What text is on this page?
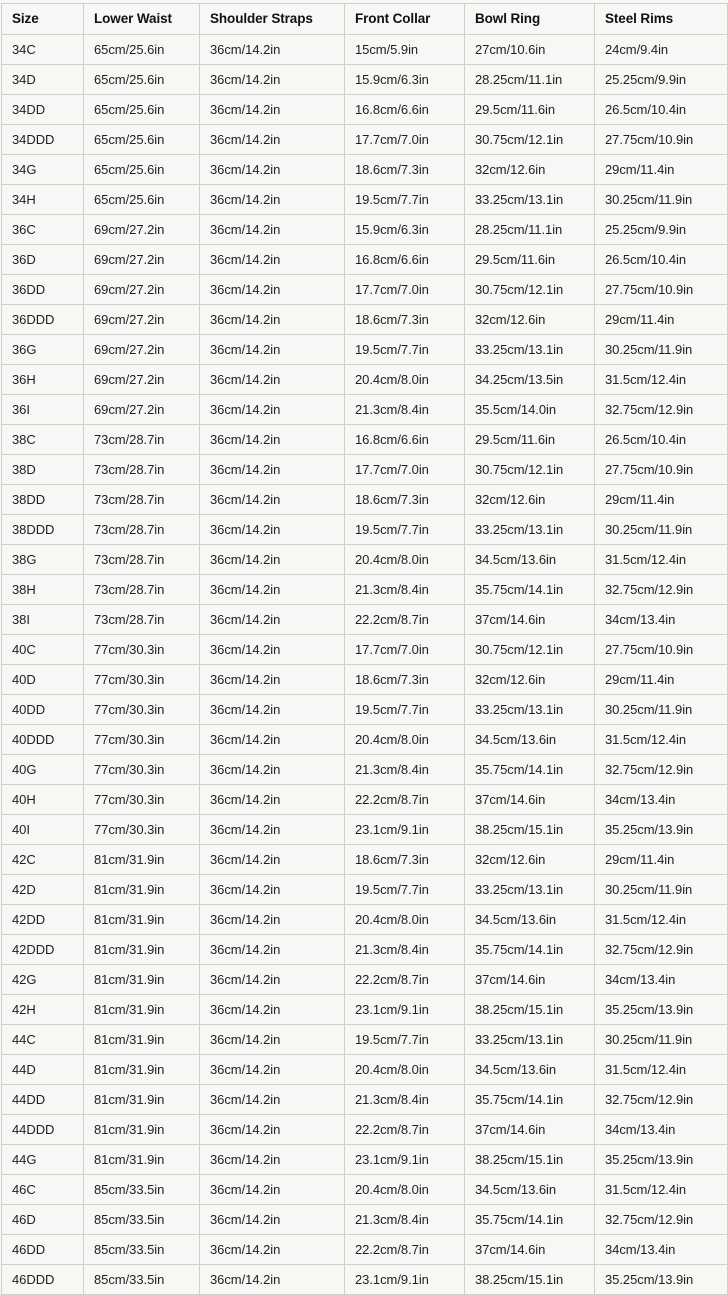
Size	Lower Waist	Shoulder Straps	Front Collar	Bowl Ring	Steel Rims
34C	65cm/25.6in	36cm/14.2in	15cm/5.9in	27cm/10.6in	24cm/9.4in
34D	65cm/25.6in	36cm/14.2in	15.9cm/6.3in	28.25cm/11.1in	25.25cm/9.9in
34DD	65cm/25.6in	36cm/14.2in	16.8cm/6.6in	29.5cm/11.6in	26.5cm/10.4in
34DDD	65cm/25.6in	36cm/14.2in	17.7cm/7.0in	30.75cm/12.1in	27.75cm/10.9in
34G	65cm/25.6in	36cm/14.2in	18.6cm/7.3in	32cm/12.6in	29cm/11.4in
34H	65cm/25.6in	36cm/14.2in	19.5cm/7.7in	33.25cm/13.1in	30.25cm/11.9in
36C	69cm/27.2in	36cm/14.2in	15.9cm/6.3in	28.25cm/11.1in	25.25cm/9.9in
36D	69cm/27.2in	36cm/14.2in	16.8cm/6.6in	29.5cm/11.6in	26.5cm/10.4in
36DD	69cm/27.2in	36cm/14.2in	17.7cm/7.0in	30.75cm/12.1in	27.75cm/10.9in
36DDD	69cm/27.2in	36cm/14.2in	18.6cm/7.3in	32cm/12.6in	29cm/11.4in
36G	69cm/27.2in	36cm/14.2in	19.5cm/7.7in	33.25cm/13.1in	30.25cm/11.9in
36H	69cm/27.2in	36cm/14.2in	20.4cm/8.0in	34.25cm/13.5in	31.5cm/12.4in
36I	69cm/27.2in	36cm/14.2in	21.3cm/8.4in	35.5cm/14.0in	32.75cm/12.9in
38C	73cm/28.7in	36cm/14.2in	16.8cm/6.6in	29.5cm/11.6in	26.5cm/10.4in
38D	73cm/28.7in	36cm/14.2in	17.7cm/7.0in	30.75cm/12.1in	27.75cm/10.9in
38DD	73cm/28.7in	36cm/14.2in	18.6cm/7.3in	32cm/12.6in	29cm/11.4in
38DDD	73cm/28.7in	36cm/14.2in	19.5cm/7.7in	33.25cm/13.1in	30.25cm/11.9in
38G	73cm/28.7in	36cm/14.2in	20.4cm/8.0in	34.5cm/13.6in	31.5cm/12.4in
38H	73cm/28.7in	36cm/14.2in	21.3cm/8.4in	35.75cm/14.1in	32.75cm/12.9in
38I	73cm/28.7in	36cm/14.2in	22.2cm/8.7in	37cm/14.6in	34cm/13.4in
40C	77cm/30.3in	36cm/14.2in	17.7cm/7.0in	30.75cm/12.1in	27.75cm/10.9in
40D	77cm/30.3in	36cm/14.2in	18.6cm/7.3in	32cm/12.6in	29cm/11.4in
40DD	77cm/30.3in	36cm/14.2in	19.5cm/7.7in	33.25cm/13.1in	30.25cm/11.9in
40DDD	77cm/30.3in	36cm/14.2in	20.4cm/8.0in	34.5cm/13.6in	31.5cm/12.4in
40G	77cm/30.3in	36cm/14.2in	21.3cm/8.4in	35.75cm/14.1in	32.75cm/12.9in
40H	77cm/30.3in	36cm/14.2in	22.2cm/8.7in	37cm/14.6in	34cm/13.4in
40I	77cm/30.3in	36cm/14.2in	23.1cm/9.1in	38.25cm/15.1in	35.25cm/13.9in
42C	81cm/31.9in	36cm/14.2in	18.6cm/7.3in	32cm/12.6in	29cm/11.4in
42D	81cm/31.9in	36cm/14.2in	19.5cm/7.7in	33.25cm/13.1in	30.25cm/11.9in
42DD	81cm/31.9in	36cm/14.2in	20.4cm/8.0in	34.5cm/13.6in	31.5cm/12.4in
42DDD	81cm/31.9in	36cm/14.2in	21.3cm/8.4in	35.75cm/14.1in	32.75cm/12.9in
42G	81cm/31.9in	36cm/14.2in	22.2cm/8.7in	37cm/14.6in	34cm/13.4in
42H	81cm/31.9in	36cm/14.2in	23.1cm/9.1in	38.25cm/15.1in	35.25cm/13.9in
44C	81cm/31.9in	36cm/14.2in	19.5cm/7.7in	33.25cm/13.1in	30.25cm/11.9in
44D	81cm/31.9in	36cm/14.2in	20.4cm/8.0in	34.5cm/13.6in	31.5cm/12.4in
44DD	81cm/31.9in	36cm/14.2in	21.3cm/8.4in	35.75cm/14.1in	32.75cm/12.9in
44DDD	81cm/31.9in	36cm/14.2in	22.2cm/8.7in	37cm/14.6in	34cm/13.4in
44G	81cm/31.9in	36cm/14.2in	23.1cm/9.1in	38.25cm/15.1in	35.25cm/13.9in
46C	85cm/33.5in	36cm/14.2in	20.4cm/8.0in	34.5cm/13.6in	31.5cm/12.4in
46D	85cm/33.5in	36cm/14.2in	21.3cm/8.4in	35.75cm/14.1in	32.75cm/12.9in
46DD	85cm/33.5in	36cm/14.2in	22.2cm/8.7in	37cm/14.6in	34cm/13.4in
46DDD	85cm/33.5in	36cm/14.2in	23.1cm/9.1in	38.25cm/15.1in	35.25cm/13.9in
